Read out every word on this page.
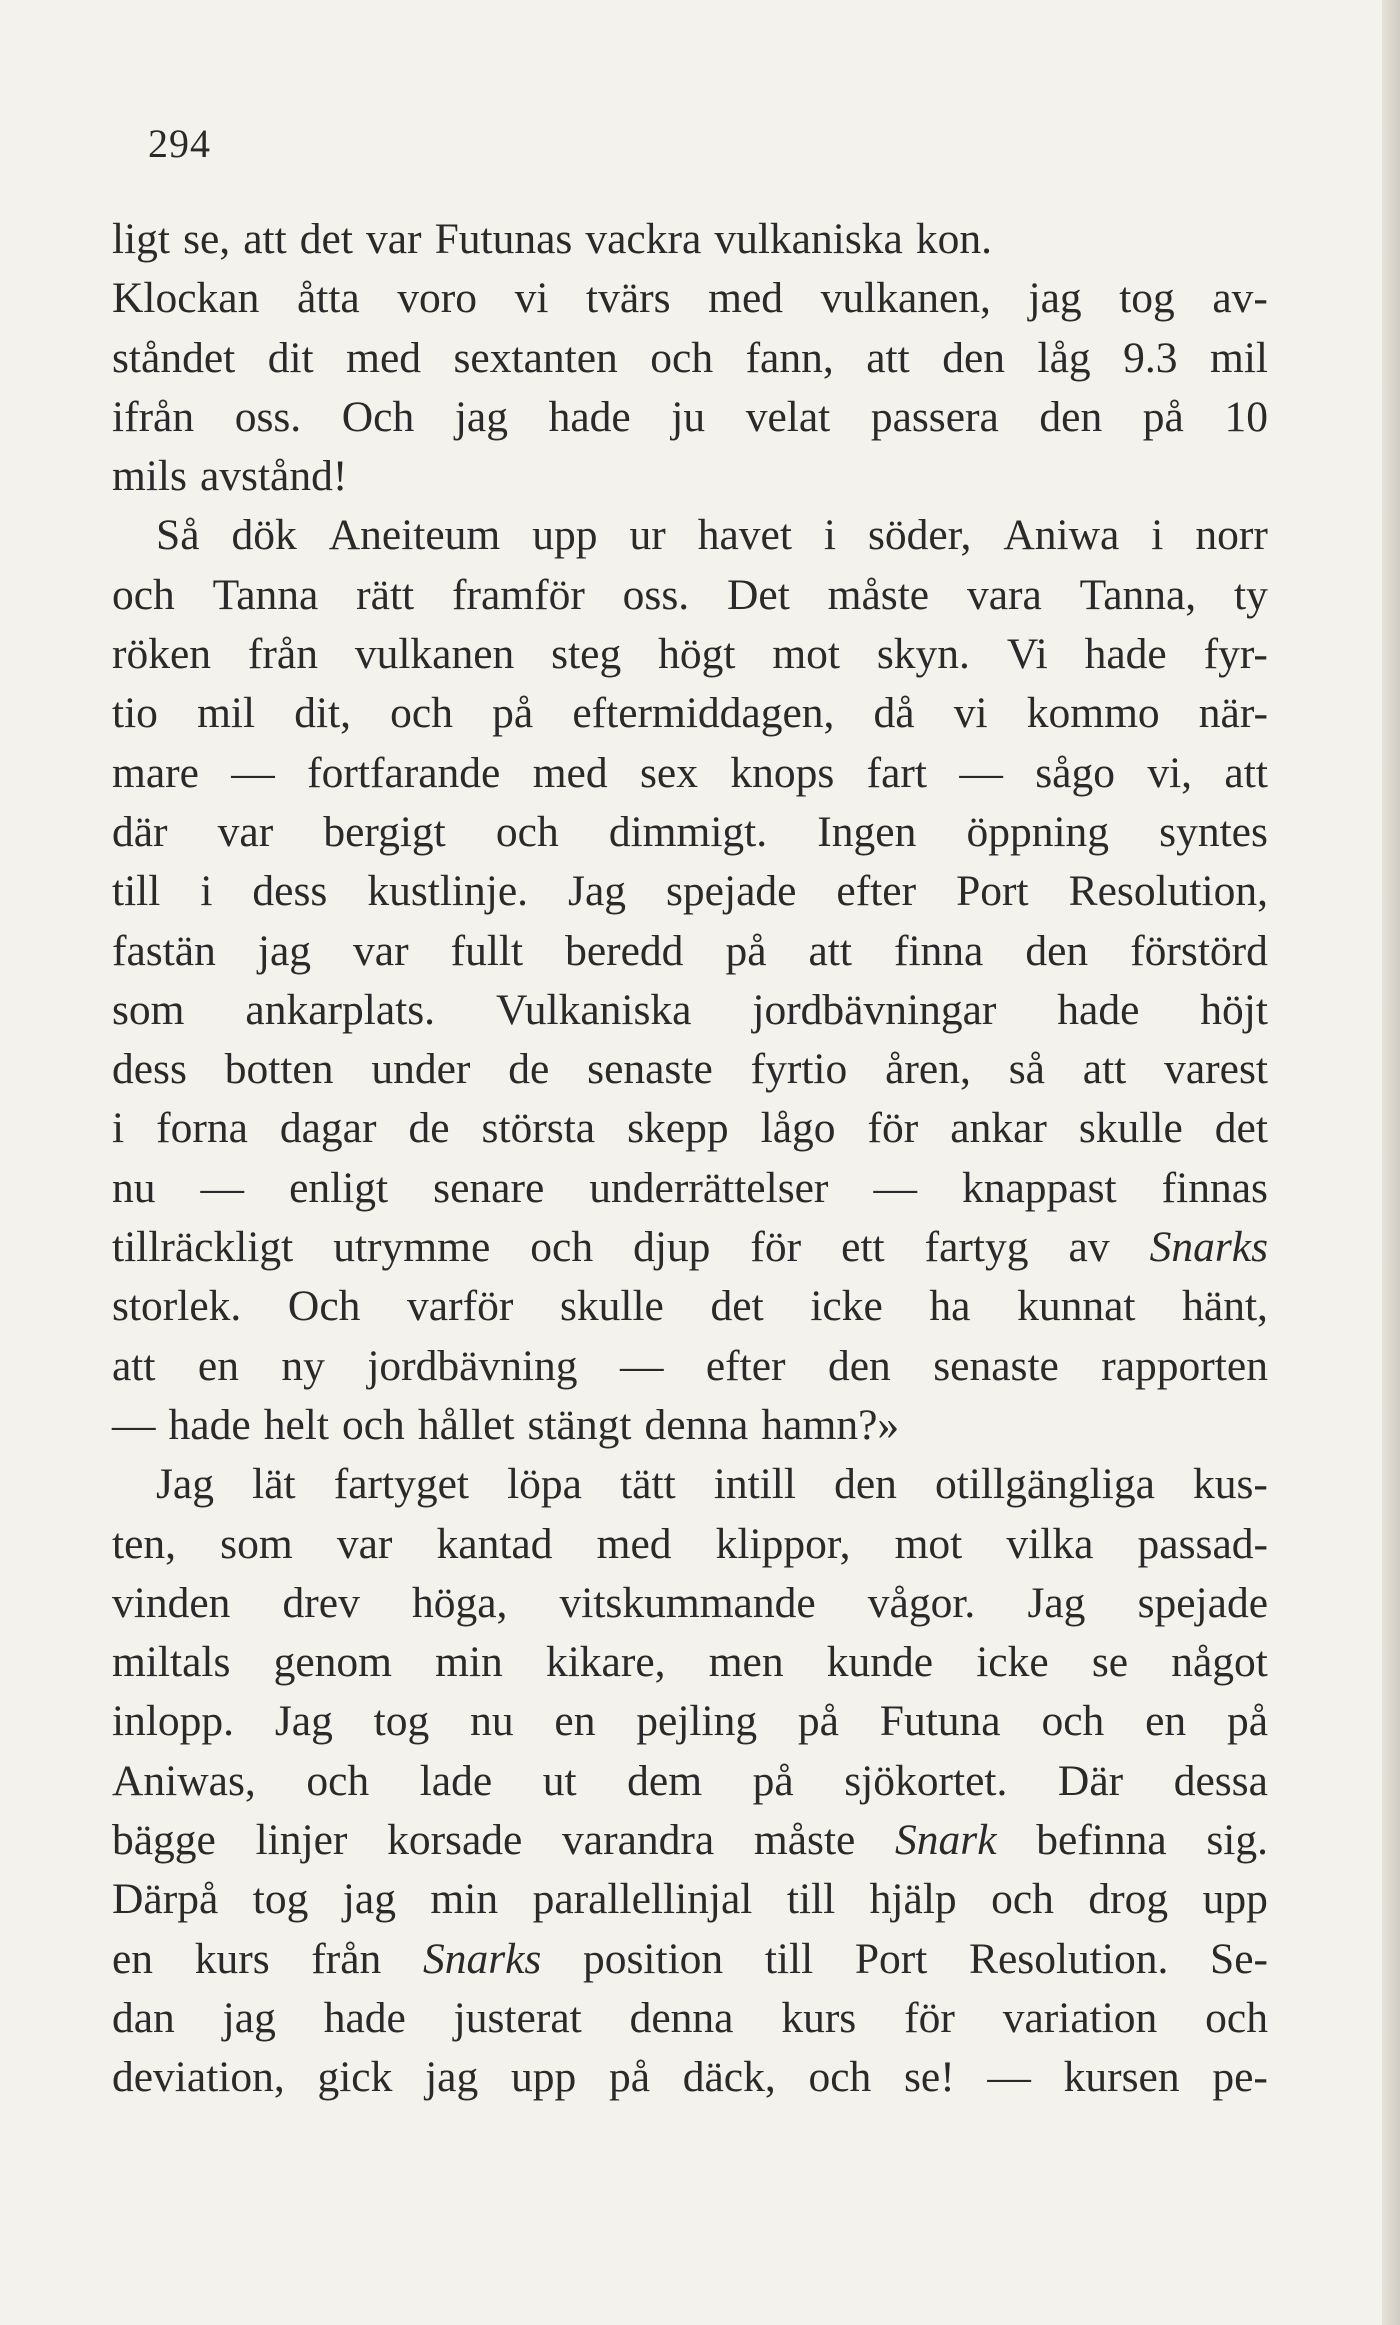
294
ligt se, att det var Futunas vackra vulkaniska kon.
Klockan åtta voro vi tvärs med vulkanen, jag tog av-
ståndet dit med sextanten och fann, att den låg 9.3 mil
ifrån oss. Och jag hade ju velat passera den på 10
mils avstånd!
Så dök Aneiteum upp ur havet i söder, Aniwa i norr
och Tanna rätt framför oss. Det måste vara Tanna, ty
röken från vulkanen steg högt mot skyn. Vi hade fyr-
tio mil dit, och på eftermiddagen, då vi kommo när-
mare — fortfarande med sex knops fart — sågo vi, att
där var bergigt och dimmigt. Ingen öppning syntes
till i dess kustlinje. Jag spejade efter Port Resolution,
fastän jag var fullt beredd på att finna den förstörd
som ankarplats. Vulkaniska jordbävningar hade höjt
dess botten under de senaste fyrtio åren, så att varest
i forna dagar de största skepp lågo för ankar skulle det
nu — enligt senare underrättelser — knappast finnas
tillräckligt utrymme och djup för ett fartyg av Snarks
storlek. Och varför skulle det icke ha kunnat hänt,
att en ny jordbävning — efter den senaste rapporten
— hade helt och hållet stängt denna hamn?»
Jag lät fartyget löpa tätt intill den otillgängliga kus-
ten, som var kantad med klippor, mot vilka passad-
vinden drev höga, vitskummande vågor. Jag spejade
miltals genom min kikare, men kunde icke se något
inlopp. Jag tog nu en pejling på Futuna och en på
Aniwas, och lade ut dem på sjökortet. Där dessa
bägge linjer korsade varandra måste Snark befinna sig.
Därpå tog jag min parallellinjal till hjälp och drog upp
en kurs från Snarks position till Port Resolution. Se-
dan jag hade justerat denna kurs för variation och
deviation, gick jag upp på däck, och se! — kursen pe-
